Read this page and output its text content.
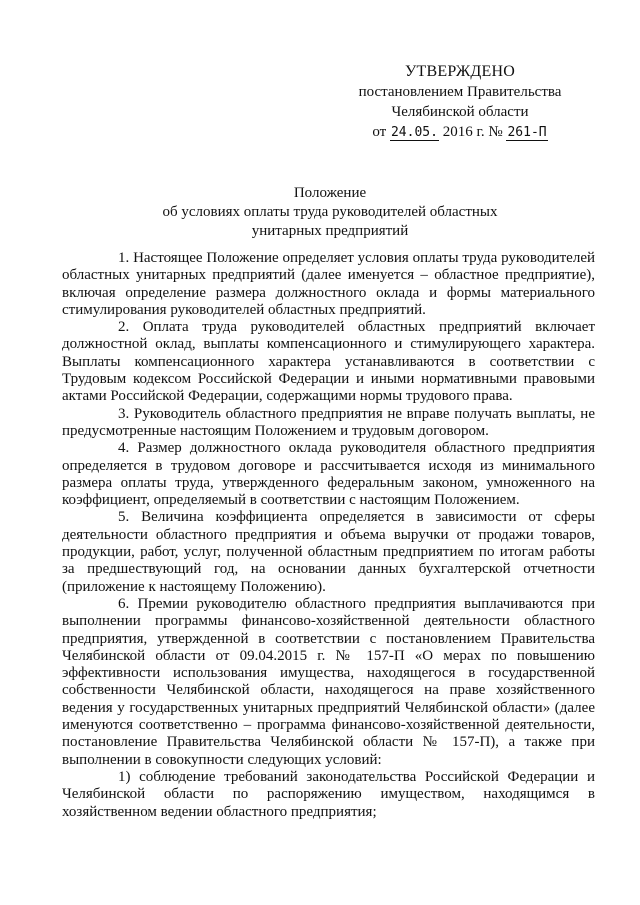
УТВЕРЖДЕНО
постановлением Правительства
Челябинской области
от 24.05. 2016 г. № 261-П
Положение
об условиях оплаты труда руководителей областных
унитарных предприятий

1. Настоящее Положение определяет условия оплаты труда руководителей областных унитарных предприятий (далее именуется – областное предприятие), включая определение размера должностного оклада и формы материального стимулирования руководителей областных предприятий.

2. Оплата труда руководителей областных предприятий включает должностной оклад, выплаты компенсационного и стимулирующего характера. Выплаты компенсационного характера устанавливаются в соответствии с Трудовым кодексом Российской Федерации и иными нормативными правовыми актами Российской Федерации, содержащими нормы трудового права.

3. Руководитель областного предприятия не вправе получать выплаты, не предусмотренные настоящим Положением и трудовым договором.

4. Размер должностного оклада руководителя областного предприятия определяется в трудовом договоре и рассчитывается исходя из минимального размера оплаты труда, утвержденного федеральным законом, умноженного на коэффициент, определяемый в соответствии с настоящим Положением.

5. Величина коэффициента определяется в зависимости от сферы деятельности областного предприятия и объема выручки от продажи товаров, продукции, работ, услуг, полученной областным предприятием по итогам работы за предшествующий год, на основании данных бухгалтерской отчетности (приложение к настоящему Положению).

6. Премии руководителю областного предприятия выплачиваются при выполнении программы финансово-хозяйственной деятельности областного предприятия, утвержденной в соответствии с постановлением Правительства Челябинской области от 09.04.2015 г. № 157-П «О мерах по повышению эффективности использования имущества, находящегося в государственной собственности Челябинской области, находящегося на праве хозяйственного ведения у государственных унитарных предприятий Челябинской области» (далее именуются соответственно – программа финансово-хозяйственной деятельности, постановление Правительства Челябинской области № 157-П), а также при выполнении в совокупности следующих условий:

1) соблюдение требований законодательства Российской Федерации и Челябинской области по распоряжению имуществом, находящимся в хозяйственном ведении областного предприятия;
